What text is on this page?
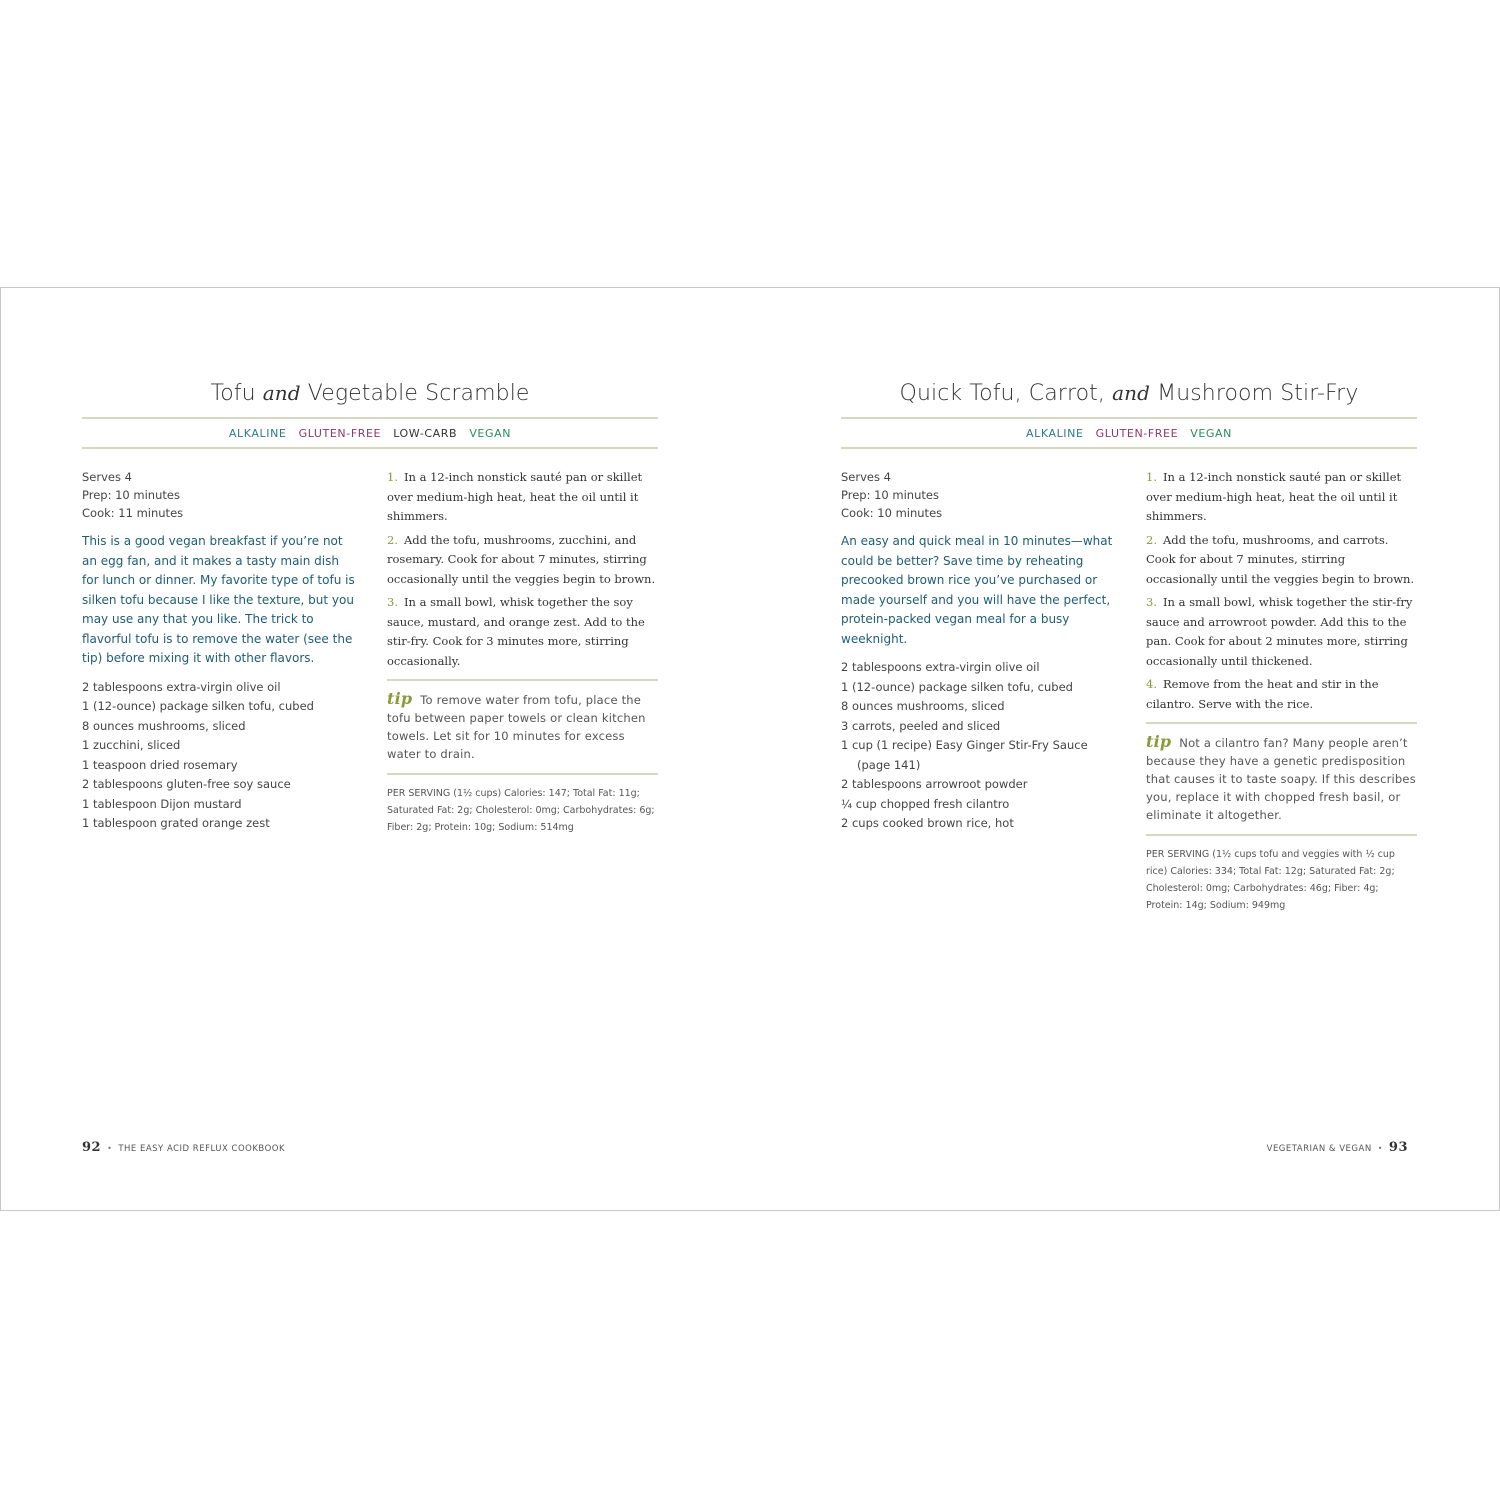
Tofu and Vegetable Scramble
ALKALINE GLUTEN-FREE LOW-CARB VEGAN
Serves 4
Prep: 10 minutes
Cook: 11 minutes
This is a good vegan breakfast if you’re not an egg fan, and it makes a tasty main dish for lunch or dinner. My favorite type of tofu is silken tofu because I like the texture, but you may use any that you like. The trick to flavorful tofu is to remove the water (see the tip) before mixing it with other flavors.
2 tablespoons extra-virgin olive oil
1 (12-ounce) package silken tofu, cubed
8 ounces mushrooms, sliced
1 zucchini, sliced
1 teaspoon dried rosemary
2 tablespoons gluten-free soy sauce
1 tablespoon Dijon mustard
1 tablespoon grated orange zest
1. In a 12-inch nonstick sauté pan or skillet over medium-high heat, heat the oil until it shimmers.
2. Add the tofu, mushrooms, zucchini, and rosemary. Cook for about 7 minutes, stirring occasionally until the veggies begin to brown.
3. In a small bowl, whisk together the soy sauce, mustard, and orange zest. Add to the stir-fry. Cook for 3 minutes more, stirring occasionally.
tip To remove water from tofu, place the tofu between paper towels or clean kitchen towels. Let sit for 10 minutes for excess water to drain.
PER SERVING (1½ cups) Calories: 147; Total Fat: 11g; Saturated Fat: 2g; Cholesterol: 0mg; Carbohydrates: 6g; Fiber: 2g; Protein: 10g; Sodium: 514mg
92 • THE EASY ACID REFLUX COOKBOOK
Quick Tofu, Carrot, and Mushroom Stir-Fry
ALKALINE GLUTEN-FREE VEGAN
Serves 4
Prep: 10 minutes
Cook: 10 minutes
An easy and quick meal in 10 minutes—what could be better? Save time by reheating precooked brown rice you’ve purchased or made yourself and you will have the perfect, protein-packed vegan meal for a busy weeknight.
2 tablespoons extra-virgin olive oil
1 (12-ounce) package silken tofu, cubed
8 ounces mushrooms, sliced
3 carrots, peeled and sliced
1 cup (1 recipe) Easy Ginger Stir-Fry Sauce (page 141)
2 tablespoons arrowroot powder
¼ cup chopped fresh cilantro
2 cups cooked brown rice, hot
1. In a 12-inch nonstick sauté pan or skillet over medium-high heat, heat the oil until it shimmers.
2. Add the tofu, mushrooms, and carrots. Cook for about 7 minutes, stirring occasionally until the veggies begin to brown.
3. In a small bowl, whisk together the stir-fry sauce and arrowroot powder. Add this to the pan. Cook for about 2 minutes more, stirring occasionally until thickened.
4. Remove from the heat and stir in the cilantro. Serve with the rice.
tip Not a cilantro fan? Many people aren’t because they have a genetic predisposition that causes it to taste soapy. If this describes you, replace it with chopped fresh basil, or eliminate it altogether.
PER SERVING (1½ cups tofu and veggies with ½ cup rice) Calories: 334; Total Fat: 12g; Saturated Fat: 2g; Cholesterol: 0mg; Carbohydrates: 46g; Fiber: 4g; Protein: 14g; Sodium: 949mg
VEGETARIAN & VEGAN • 93
